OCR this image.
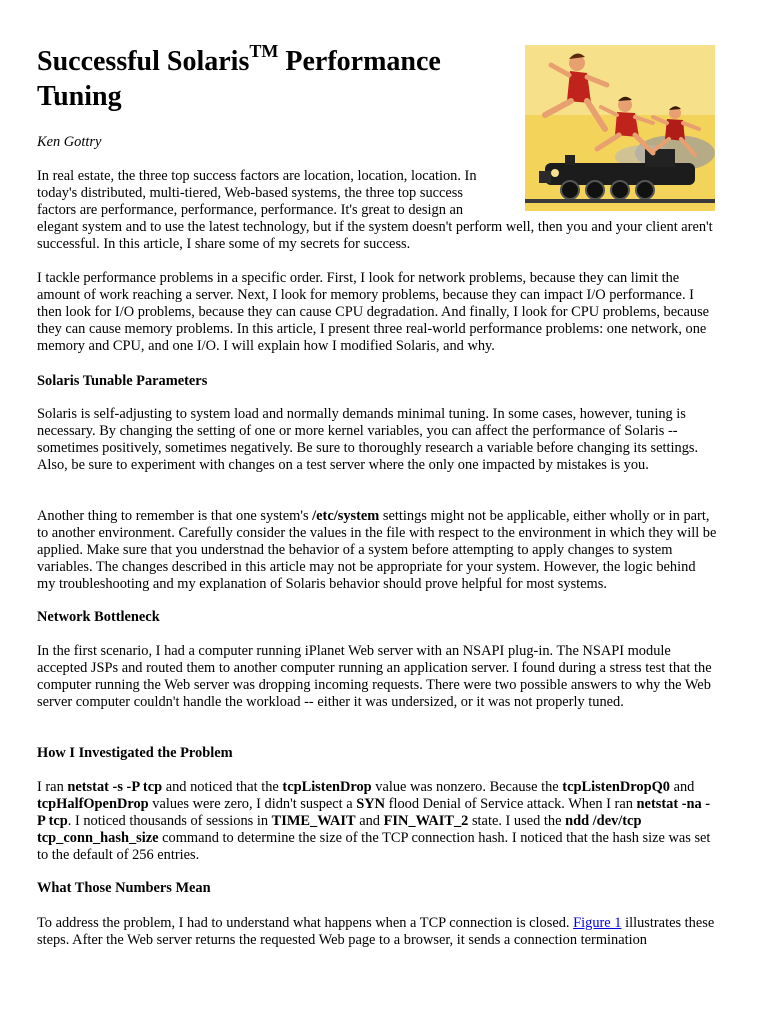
Successful Solaris™ Performance
Tuning
Ken Gottry

In real estate, the three top success factors are location, location, location. In
today's distributed, multi-tiered, Web-based systems, the three top success
factors are performance, performance, performance. It's great to design an
elegant system and to use the latest technology, but if the system doesn't perform well, then you and your client aren't successful. In this article, I share some of my secrets for success.

I tackle performance problems in a specific order. First, I look for network problems, because they can limit the amount of work reaching a server. Next, I look for memory problems, because they can impact I/O performance. I then look for I/O problems, because they can cause CPU degradation. And finally, I look for CPU problems, because they can cause memory problems. In this article, I present three real-world performance problems: one network, one memory and CPU, and one I/O. I will explain how I modified Solaris, and why.

Solaris Tunable Parameters

Solaris is self-adjusting to system load and normally demands minimal tuning. In some cases, however, tuning is necessary. By changing the setting of one or more kernel variables, you can affect the performance of Solaris -- sometimes positively, sometimes negatively. Be sure to thoroughly research a variable before changing its settings. Also, be sure to experiment with changes on a test server where the only one impacted by mistakes is you.

Another thing to remember is that one system's /etc/system settings might not be applicable, either wholly or in part, to another environment. Carefully consider the values in the file with respect to the environment in which they will be applied. Make sure that you understnad the behavior of a system before attempting to apply changes to system variables. The changes described in this article may not be appropriate for your system. However, the logic behind my troubleshooting and my explanation of Solaris behavior should prove helpful for most systems.

Network Bottleneck

In the first scenario, I had a computer running iPlanet Web server with an NSAPI plug-in. The NSAPI module accepted JSPs and routed them to another computer running an application server. I found during a stress test that the computer running the Web server was dropping incoming requests. There were two possible answers to why the Web server computer couldn't handle the workload -- either it was undersized, or it was not properly tuned.

How I Investigated the Problem

I ran netstat -s -P tcp and noticed that the tcpListenDrop value was nonzero. Because the tcpListenDropQ0 and tcpHalfOpenDrop values were zero, I didn't suspect a SYN flood Denial of Service attack. When I ran netstat -na -P tcp. I noticed thousands of sessions in TIME_WAIT and FIN_WAIT_2 state. I used the ndd /dev/tcp tcp_conn_hash_size command to determine the size of the TCP connection hash. I noticed that the hash size was set to the default of 256 entries.

What Those Numbers Mean

To address the problem, I had to understand what happens when a TCP connection is closed. Figure 1 illustrates these steps. After the Web server returns the requested Web page to a browser, it sends a connection termination
